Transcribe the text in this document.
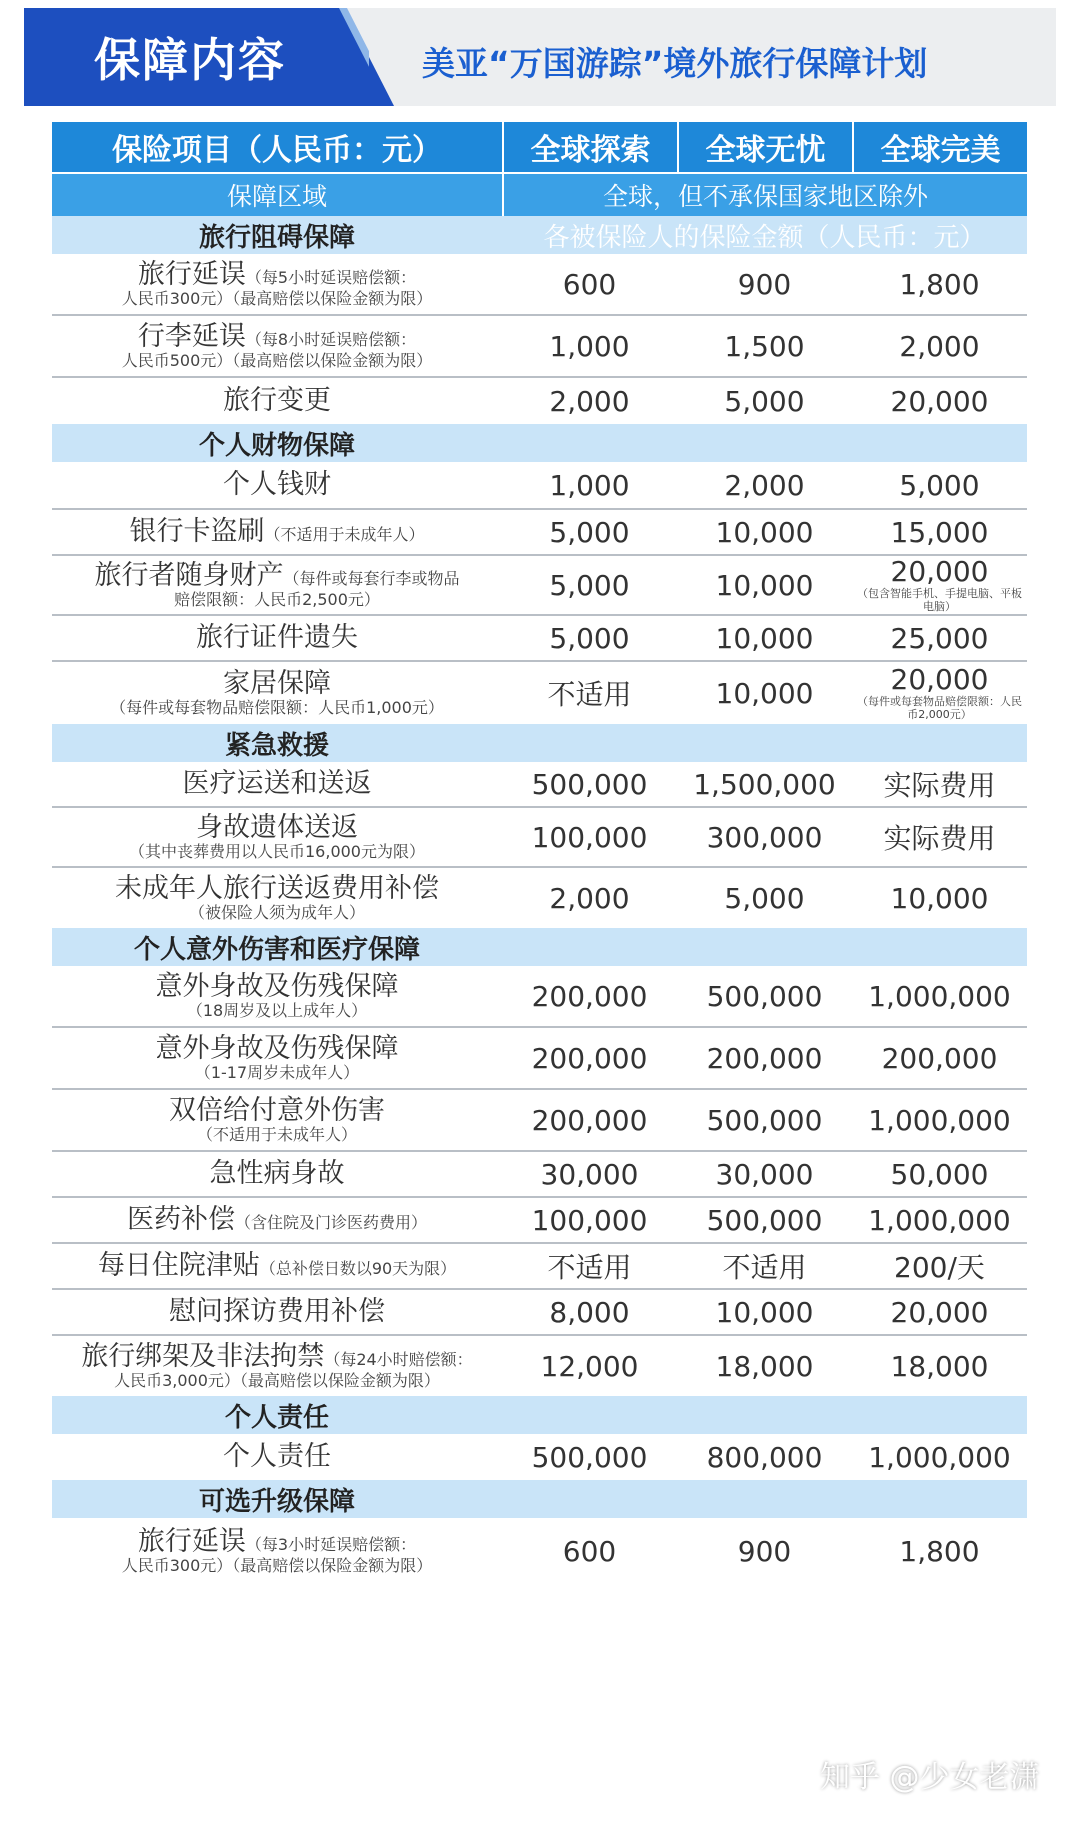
保障内容	美亚“万国游踪”境外旅行保障计划
保险项目（人民币：元）	全球探索	全球无忧	全球完美
保障区域	全球，但不承保国家地区除外
旅行阻碍保障	各被保险人的保险金额（人民币：元）
旅行延误（每5小时延误赔偿额：
人民币300元）（最高赔偿以保险金额为限）	600	900	1,800
行李延误（每8小时延误赔偿额：
人民币500元）（最高赔偿以保险金额为限）	1,000	1,500	2,000
旅行变更	2,000	5,000	20,000
个人财物保障
个人钱财	1,000	2,000	5,000
银行卡盗刷（不适用于未成年人）	5,000	10,000	15,000
旅行者随身财产（每件或每套行李或物品
赔偿限额：人民币2,500元）	5,000	10,000	20,000
（包含智能手机、手提电脑、平板电脑）
旅行证件遗失	5,000	10,000	25,000
家居保障
（每件或每套物品赔偿限额：人民币1,000元）	不适用	10,000	20,000
（每件或每套物品赔偿限额：人民币2,000元）
紧急救援
医疗运送和送返	500,000	1,500,000	实际费用
身故遗体送返
（其中丧葬费用以人民币16,000元为限）	100,000	300,000	实际费用
未成年人旅行送返费用补偿
（被保险人须为成年人）	2,000	5,000	10,000
个人意外伤害和医疗保障
意外身故及伤残保障
（18周岁及以上成年人）	200,000	500,000	1,000,000
意外身故及伤残保障
（1-17周岁未成年人）	200,000	200,000	200,000
双倍给付意外伤害
（不适用于未成年人）	200,000	500,000	1,000,000
急性病身故	30,000	30,000	50,000
医药补偿（含住院及门诊医药费用）	100,000	500,000	1,000,000
每日住院津贴（总补偿日数以90天为限）	不适用	不适用	200/天
慰问探访费用补偿	8,000	10,000	20,000
旅行绑架及非法拘禁（每24小时赔偿额：
人民币3,000元）（最高赔偿以保险金额为限）	12,000	18,000	18,000
个人责任
个人责任	500,000	800,000	1,000,000
可选升级保障
旅行延误（每3小时延误赔偿额：
人民币300元）（最高赔偿以保险金额为限）	600	900	1,800
知乎 @少女老潇
